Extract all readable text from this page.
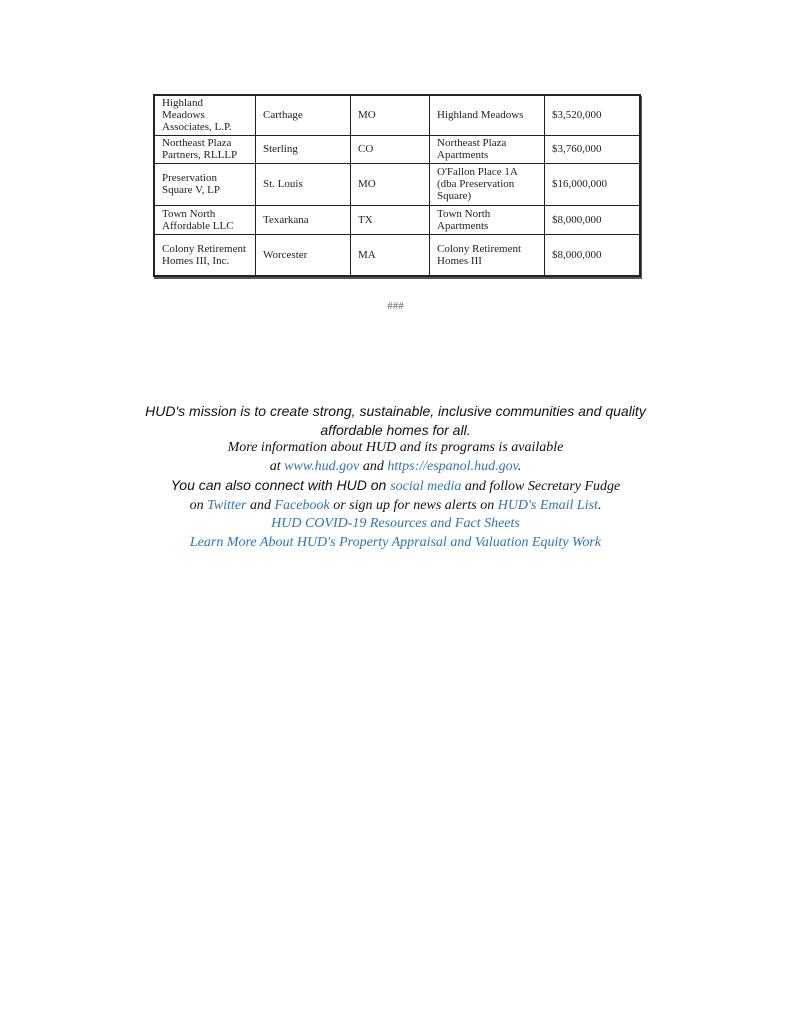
Highland Meadows Associates, L.P.	Carthage	MO	Highland Meadows	$3,520,000
Northeast Plaza Partners, RLLLP	Sterling	CO	Northeast Plaza Apartments	$3,760,000
Preservation Square V, LP	St. Louis	MO	O'Fallon Place 1A (dba Preservation Square)	$16,000,000
Town North Affordable LLC	Texarkana	TX	Town North Apartments	$8,000,000
Colony Retirement Homes III, Inc.	Worcester	MA	Colony Retirement Homes III	$8,000,000
###
HUD's mission is to create strong, sustainable, inclusive communities and quality
affordable homes for all.
More information about HUD and its programs is available
at www.hud.gov and https://espanol.hud.gov.
You can also connect with HUD on social media and follow Secretary Fudge
on Twitter and Facebook or sign up for news alerts on HUD's Email List.
HUD COVID-19 Resources and Fact Sheets
Learn More About HUD's Property Appraisal and Valuation Equity Work
